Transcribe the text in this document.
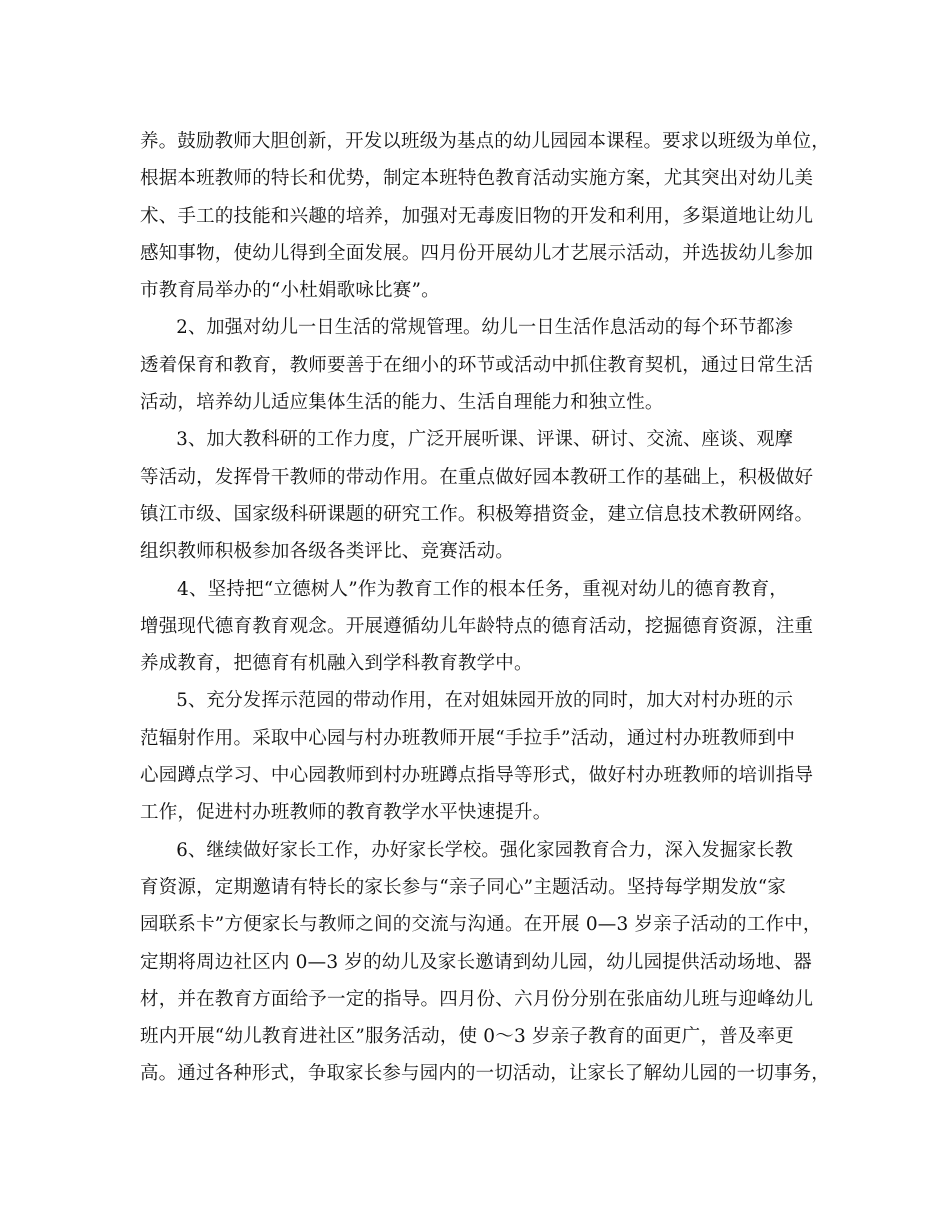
养。鼓励教师大胆创新，开发以班级为基点的幼儿园园本课程。要求以班级为单位，
根据本班教师的特长和优势，制定本班特色教育活动实施方案，尤其突出对幼儿美
术、手工的技能和兴趣的培养，加强对无毒废旧物的开发和利用，多渠道地让幼儿
感知事物，使幼儿得到全面发展。四月份开展幼儿才艺展示活动，并选拔幼儿参加
市教育局举办的“小杜娟歌咏比赛”。
2、加强对幼儿一日生活的常规管理。幼儿一日生活作息活动的每个环节都渗
透着保育和教育，教师要善于在细小的环节或活动中抓住教育契机，通过日常生活
活动，培养幼儿适应集体生活的能力、生活自理能力和独立性。
3、加大教科研的工作力度，广泛开展听课、评课、研讨、交流、座谈、观摩
等活动，发挥骨干教师的带动作用。在重点做好园本教研工作的基础上，积极做好
镇江市级、国家级科研课题的研究工作。积极筹措资金，建立信息技术教研网络。
组织教师积极参加各级各类评比、竞赛活动。
4、坚持把“立德树人”作为教育工作的根本任务，重视对幼儿的德育教育，
增强现代德育教育观念。开展遵循幼儿年龄特点的德育活动，挖掘德育资源，注重
养成教育，把德育有机融入到学科教育教学中。
5、充分发挥示范园的带动作用，在对姐妹园开放的同时，加大对村办班的示
范辐射作用。采取中心园与村办班教师开展“手拉手”活动，通过村办班教师到中
心园蹲点学习、中心园教师到村办班蹲点指导等形式，做好村办班教师的培训指导
工作，促进村办班教师的教育教学水平快速提升。
6、继续做好家长工作，办好家长学校。强化家园教育合力，深入发掘家长教
育资源，定期邀请有特长的家长参与“亲子同心”主题活动。坚持每学期发放“家
园联系卡”方便家长与教师之间的交流与沟通。在开展 0—3 岁亲子活动的工作中，
定期将周边社区内 0—3 岁的幼儿及家长邀请到幼儿园，幼儿园提供活动场地、器
材，并在教育方面给予一定的指导。四月份、六月份分别在张庙幼儿班与迎峰幼儿
班内开展“幼儿教育进社区”服务活动，使 0～3 岁亲子教育的面更广，普及率更
高。通过各种形式，争取家长参与园内的一切活动，让家长了解幼儿园的一切事务，
